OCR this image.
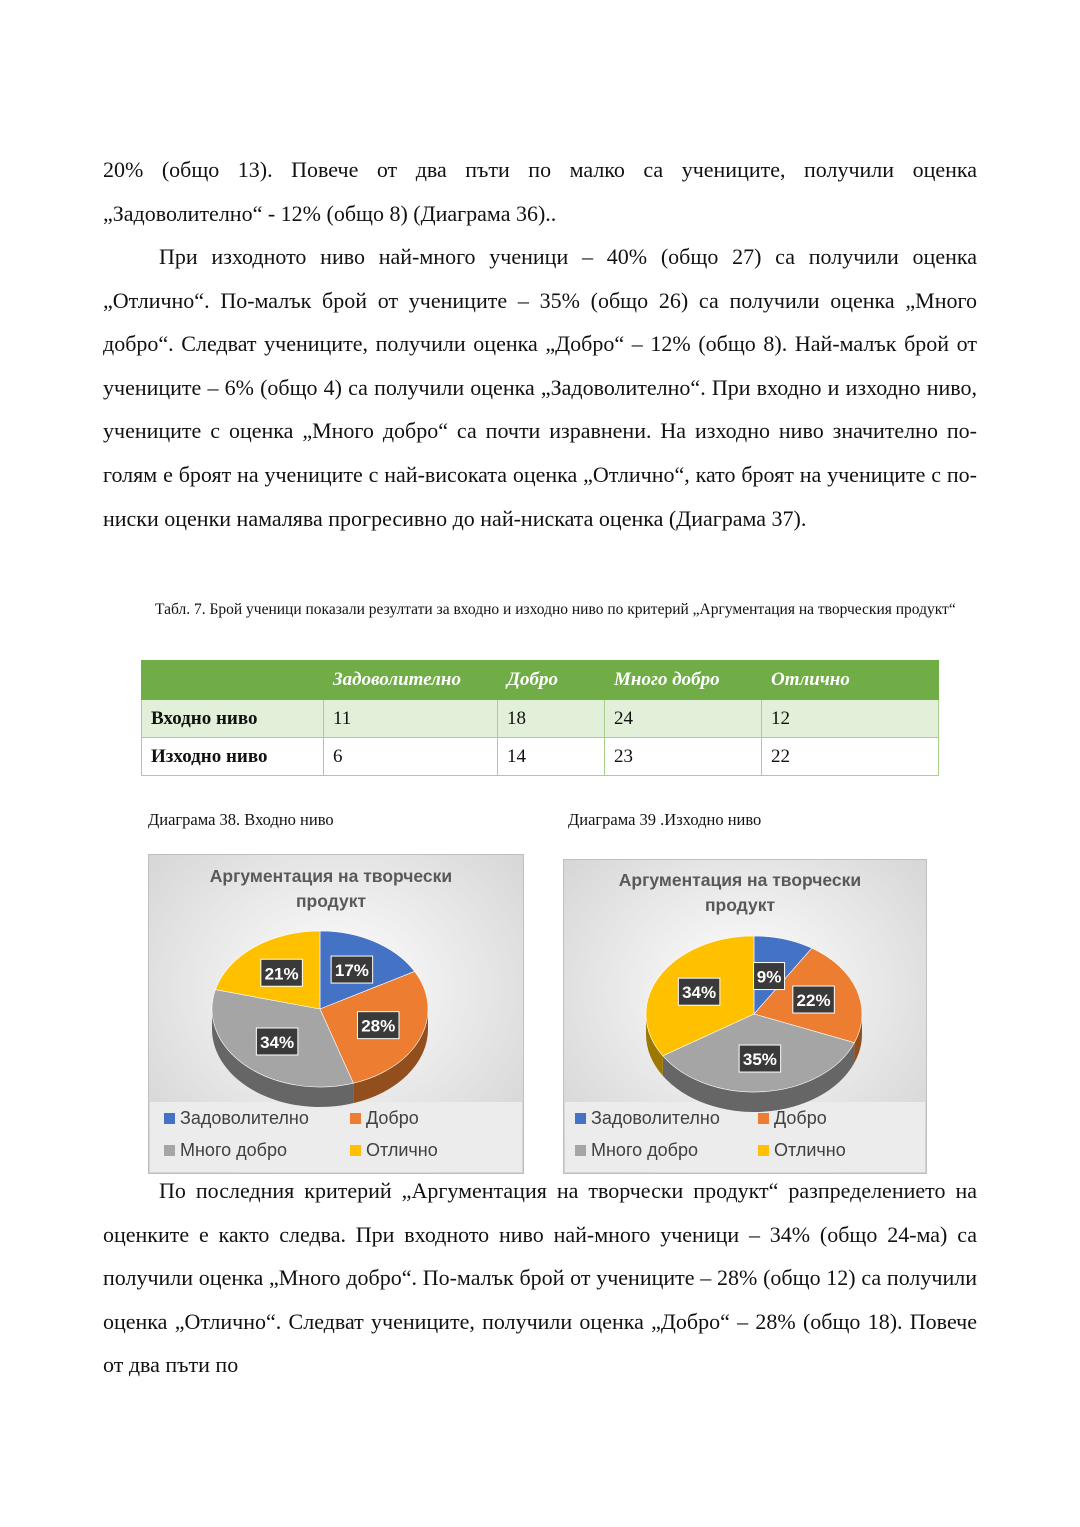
20% (общо 13). Повече от два пъти по малко са учениците, получили оценка „Задоволително“ - 12% (общо 8) (Диаграма 36)..

При изходното ниво най-много ученици – 40% (общо 27) са получили оценка „Отлично“. По-малък брой от учениците – 35% (общо 26) са получили оценка „Много добро“. Следват учениците, получили оценка „Добро“ – 12% (общо 8). Най-малък брой от учениците – 6% (общо 4) са получили оценка „Задоволително“. При входно и изходно ниво, учениците с оценка „Много добро“ са почти изравнени. На изходно ниво значително по-голям е броят на учениците с най-високата оценка „Отлично“, като броят на учениците с по-ниски оценки намалява прогресивно до най-ниската оценка (Диаграма 37).

Табл. 7. Брой ученици показали резултати за входно и изходно ниво по критерий „Аргументация на творческия продукт“

	Задоволително	Добро	Много добро	Отлично
Входно ниво	11	18	24	12
Изходно ниво	6	14	23	22
Диаграма 38. Входно ниво	Диаграма 39 .Изходно ниво
Аргументация на творчески
продукт
17%
28%
34%
21%
Задоволително	Добро
Много добро	Отлично
Аргументация на творчески
продукт
9%
22%
35%
34%
Задоволително	Добро
Много добро	Отлично

По последния критерий „Аргументация на творчески продукт“ разпределението на оценките е както следва. При входното ниво най-много ученици – 34% (общо 24-ма) са получили оценка „Много добро“. По-малък брой от учениците – 28% (общо 12) са получили оценка „Отлично“. Следват учениците, получили оценка „Добро“ – 28% (общо 18). Повече от два пъти по
